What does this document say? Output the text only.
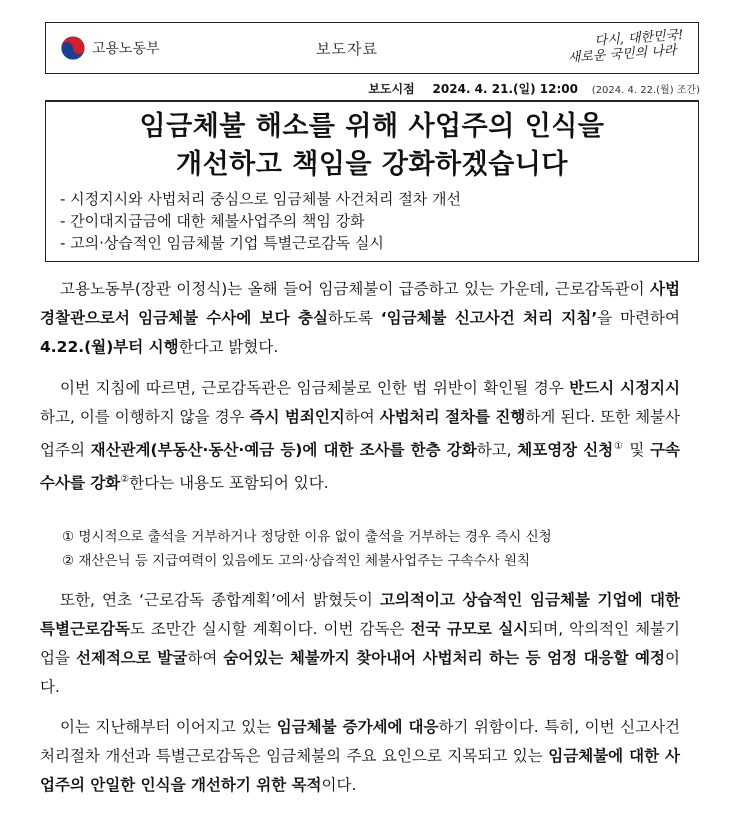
고용노동부	보도자료	다시, 대한민국!
새로운 국민의 나라
보도시점 2024. 4. 21.(일) 12:00 (2024. 4. 22.(월) 조간)
임금체불 해소를 위해 사업주의 인식을
개선하고 책임을 강화하겠습니다
- 시정지시와 사법처리 중심으로 임금체불 사건처리 절차 개선
- 간이대지급금에 대한 체불사업주의 책임 강화
- 고의·상습적인 임금체불 기업 특별근로감독 실시

고용노동부(장관 이정식)는 올해 들어 임금체불이 급증하고 있는 가운데, 근로감독관이 사법경찰관으로서 임금체불 수사에 보다 충실하도록 ‘임금체불 신고사건 처리 지침’을 마련하여 4.22.(월)부터 시행한다고 밝혔다.

이번 지침에 따르면, 근로감독관은 임금체불로 인한 법 위반이 확인될 경우 반드시 시정지시하고, 이를 이행하지 않을 경우 즉시 범죄인지하여 사법처리 절차를 진행하게 된다. 또한 체불사업주의 재산관계(부동산·동산·예금 등)에 대한 조사를 한층 강화하고, 체포영장 신청① 및 구속수사를 강화②한다는 내용도 포함되어 있다.

① 명시적으로 출석을 거부하거나 정당한 이유 없이 출석을 거부하는 경우 즉시 신청
② 재산은닉 등 지급여력이 있음에도 고의·상습적인 체불사업주는 구속수사 원칙

또한, 연초 ‘근로감독 종합계획’에서 밝혔듯이 고의적이고 상습적인 임금체불 기업에 대한 특별근로감독도 조만간 실시할 계획이다. 이번 감독은 전국 규모로 실시되며, 악의적인 체불기업을 선제적으로 발굴하여 숨어있는 체불까지 찾아내어 사법처리 하는 등 엄정 대응할 예정이다.

이는 지난해부터 이어지고 있는 임금체불 증가세에 대응하기 위함이다. 특히, 이번 신고사건 처리절차 개선과 특별근로감독은 임금체불의 주요 요인으로 지목되고 있는 임금체불에 대한 사업주의 안일한 인식을 개선하기 위한 목적이다.
